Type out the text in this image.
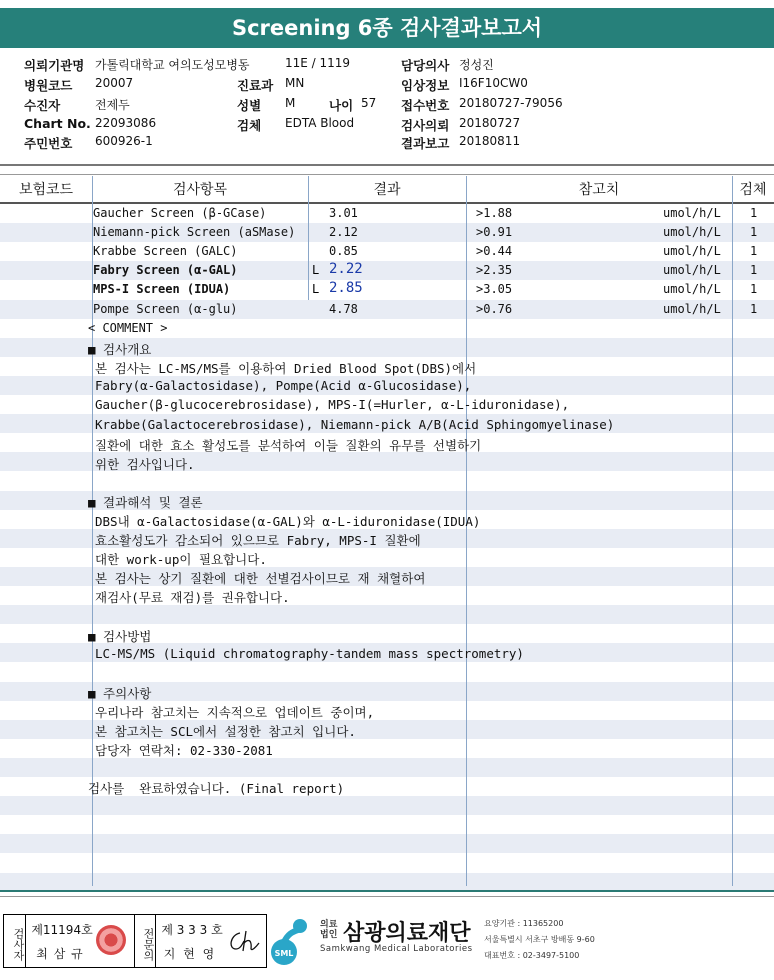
Screening 6종 검사결과보고서
의뢰기관명 가톨릭대학교 여의도성모병동	11E / 1119	담당의사 정성진
병원코드 20007	진료과 MN	임상정보 I16F10CW0
수진자	전제두	성별 M	나이 57 접수번호 20180727-79056
Chart No. 22093086	검체 EDTA Blood	검사의뢰 20180727
주민번호 600926-1	결과보고 20180811
보험코드	검사항목	결과	참고치	검체
Gaucher Screen (β-GCase)	3.01	>1.88	umol/h/L 1
Niemann-pick Screen (aSMase)	2.12	>0.91	umol/h/L 1
Krabbe Screen (GALC)	0.85	>0.44	umol/h/L 1
Fabry Screen (α-GAL)	L 2.22	>2.35	umol/h/L 1
MPS-I Screen (IDUA)	L 2.85	>3.05	umol/h/L 1
Pompe Screen (α-glu)	4.78	>0.76	umol/h/L 1
< COMMENT >
■ 검사개요
본 검사는 LC-MS/MS를 이용하여 Dried Blood Spot(DBS)에서
Fabry(α-Galactosidase), Pompe(Acid α-Glucosidase),
Gaucher(β-glucocerebrosidase), MPS-I(=Hurler, α-L-iduronidase),
Krabbe(Galactocerebrosidase), Niemann-pick A/B(Acid Sphingomyelinase)
질환에 대한 효소 활성도를 분석하여 이들 질환의 유무를 선별하기
위한 검사입니다.
■ 결과해석 및 결론
DBS내 α-Galactosidase(α-GAL)와 α-L-iduronidase(IDUA)
효소활성도가 감소되어 있으므로 Fabry, MPS-I 질환에
대한 work-up이 필요합니다.
본 검사는 상기 질환에 대한 선별검사이므로 재 채혈하여
재검사(무료 재검)를 권유합니다.
■ 검사방법
LC-MS/MS (Liquid chromatography-tandem mass spectrometry)
■ 주의사항
우리나라 참고치는 지속적으로 업데이트 중이며,
본 참고치는 SCL에서 설정한 참고치 입니다.
담당자 연락처: 02-330-2081
검사를  완료하였습니다. (Final report)
검사자 제11194호
최 삼 규	전문의 제 3 3 3 호
지 현 영	SML
의료법인 삼광의료재단
Samkwang Medical Laboratories
요양기관 : 11365200
서울특별시 서초구 방배동 9-60
대표번호 : 02-3497-5100
